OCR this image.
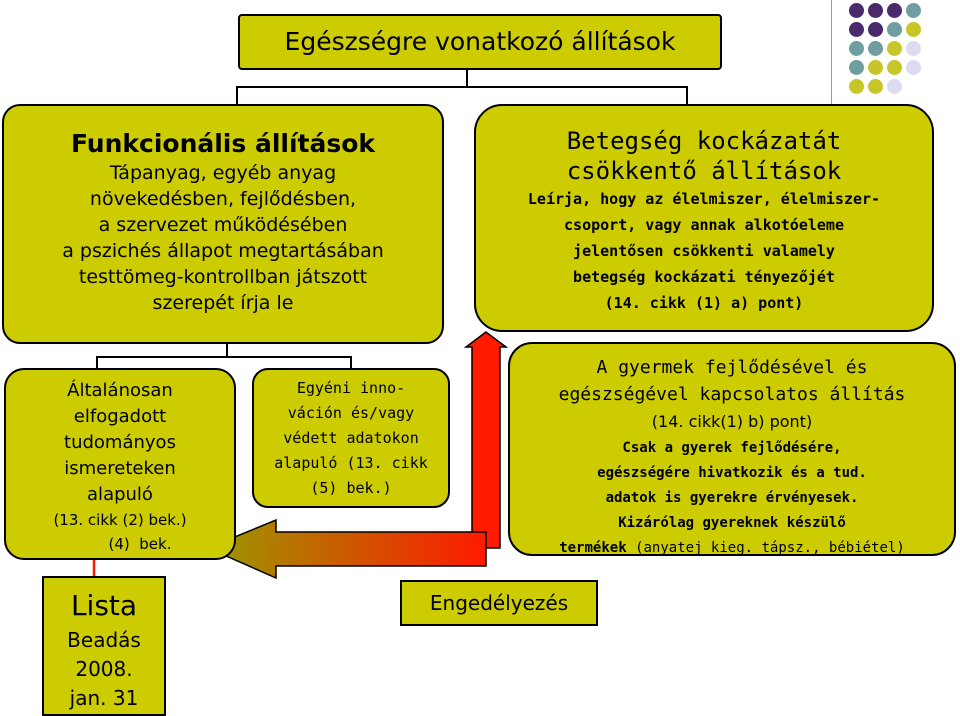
Egészségre vonatkozó állítások
Funkcionális állítások
Tápanyag, egyéb anyag
növekedésben, fejlődésben,
a szervezet működésében
a pszichés állapot megtartásában
testtömeg-kontrollban játszott
szerepét írja le
Betegség kockázatát
csökkentő állítások
Leírja, hogy az élelmiszer, élelmiszer-
csoport, vagy annak alkotóeleme
jelentősen csökkenti valamely
betegség kockázati tényezőjét
(14. cikk (1) a) pont)
Általánosan
elfogadott
tudományos
ismereteken
alapuló
(13. cikk (2) bek.)
(4)  bek.
Egyéni inno-
váción és/vagy
védett adatokon
alapuló (13. cikk
(5) bek.)
A gyermek fejlődésével és
egészségével kapcsolatos állítás
(14. cikk(1) b) pont)
Csak a gyerek fejlődésére,
egészségére hivatkozik és a tud.
adatok is gyerekre érvényesek.
Kizárólag gyereknek készülő
termékek (anyatej kieg. tápsz., bébiétel)
Lista
Beadás
2008.
jan. 31
Engedélyezés
